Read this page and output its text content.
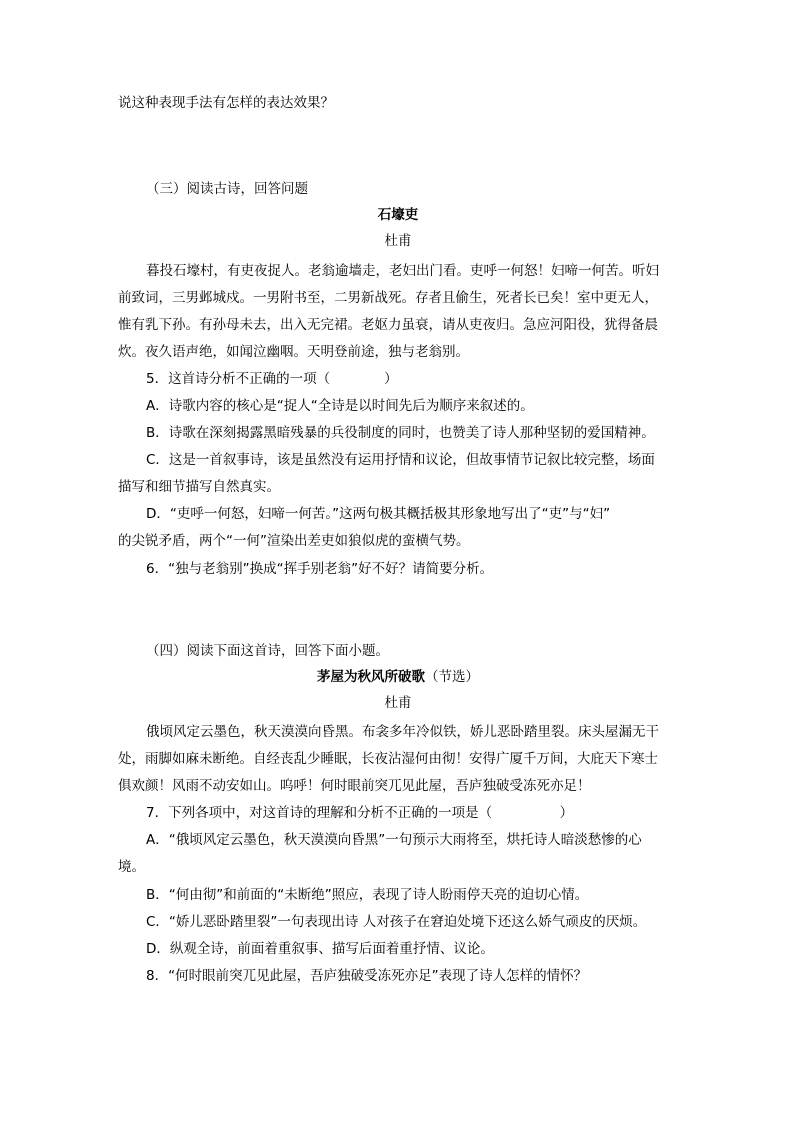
说这种表现手法有怎样的表达效果？
（三）阅读古诗，回答问题
石壕吏
杜甫
暮投石壕村，有吏夜捉人。老翁逾墙走，老妇出门看。吏呼一何怒！妇啼一何苦。听妇
前致词，三男邺城戍。一男附书至，二男新战死。存者且偷生，死者长已矣！室中更无人，
惟有乳下孙。有孙母未去，出入无完裙。老妪力虽衰，请从吏夜归。急应河阳役，犹得备晨
炊。夜久语声绝，如闻泣幽咽。天明登前途，独与老翁别。
5．这首诗分析不正确的一项（　　　　）
A．诗歌内容的核心是“捉人“全诗是以时间先后为顺序来叙述的。
B．诗歌在深刻揭露黑暗残暴的兵役制度的同时，也赞美了诗人那种坚韧的爱国精神。
C．这是一首叙事诗，该是虽然没有运用抒情和议论，但故事情节记叙比较完整，场面
描写和细节描写自然真实。
D．“吏呼一何怒，妇啼一何苦。”这两句极其概括极其形象地写出了“吏”与“妇”
的尖锐矛盾，两个“一何”渲染出差吏如狼似虎的蛮横气势。
6．“独与老翁别”换成“挥手别老翁”好不好？请简要分析。
（四）阅读下面这首诗，回答下面小题。
茅屋为秋风所破歌（节选）
杜甫
俄顷风定云墨色，秋天漠漠向昏黑。布衾多年冷似铁，娇儿恶卧踏里裂。床头屋漏无干
处，雨脚如麻未断绝。自经丧乱少睡眠，长夜沾湿何由彻！安得广厦千万间，大庇天下寒士
俱欢颜！风雨不动安如山。呜呼！何时眼前突兀见此屋，吾庐独破受冻死亦足！
7．下列各项中，对这首诗的理解和分析不正确的一项是（　　　　　）
A．“俄顷风定云墨色，秋天漠漠向昏黑”一句预示大雨将至，烘托诗人暗淡愁惨的心
境。
B．“何由彻”和前面的“未断绝”照应，表现了诗人盼雨停天亮的迫切心情。
C．“娇儿恶卧踏里裂”一句表现出诗 人对孩子在窘迫处境下还这么娇气顽皮的厌烦。
D．纵观全诗，前面着重叙事、描写后面着重抒情、议论。
8．“何时眼前突兀见此屋，吾庐独破受冻死亦足”表现了诗人怎样的情怀？
